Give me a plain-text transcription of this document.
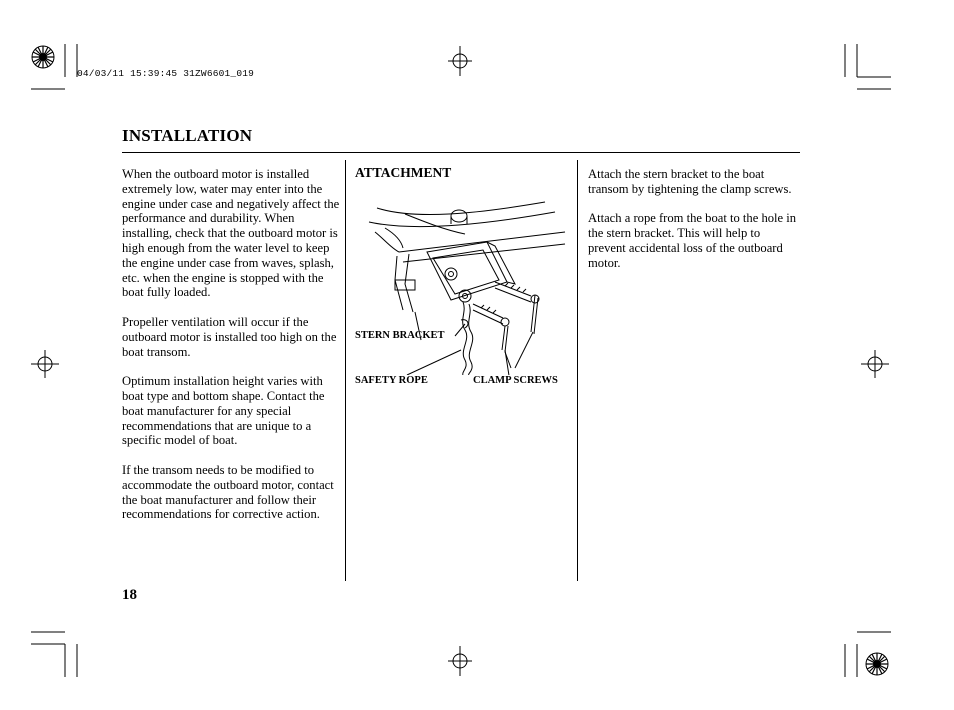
04/03/11 15:39:45 31ZW6601_019
INSTALLATION

When the outboard motor is installed extremely low, water may enter into the engine under case and negatively affect the performance and durability. When installing, check that the outboard motor is high enough from the water level to keep the engine under case from waves, splash, etc. when the engine is stopped with the boat fully loaded.

Propeller ventilation will occur if the outboard motor is installed too high on the boat transom.

Optimum installation height varies with boat type and bottom shape. Contact the boat manufacturer for any special recommendations that are unique to a specific model of boat.

If the transom needs to be modified to accommodate the outboard motor, contact the boat manufacturer and follow their recommendations for corrective action.

ATTACHMENT
STERN BRACKET
SAFETY ROPE	CLAMP SCREWS

Attach the stern bracket to the boat transom by tightening the clamp screws.

Attach a rope from the boat to the hole in the stern bracket. This will help to prevent accidental loss of the outboard motor.

18
